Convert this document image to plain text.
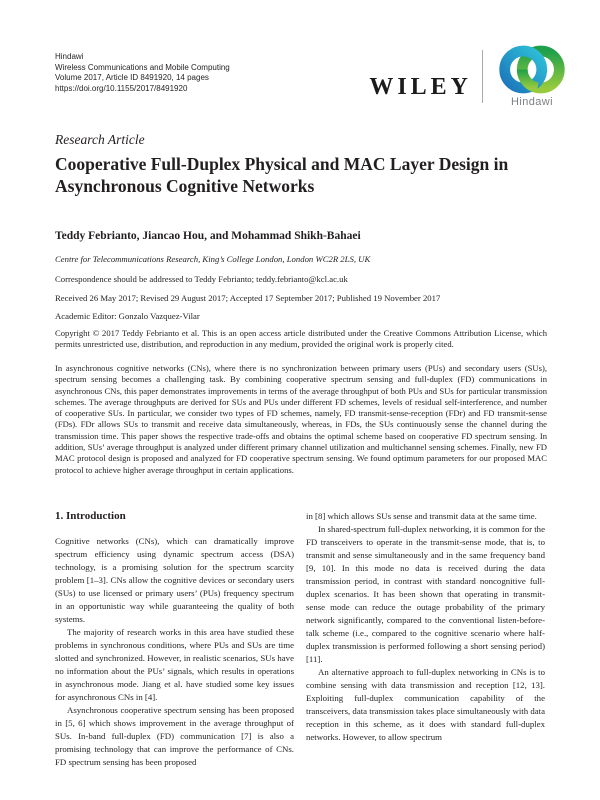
Hindawi
Wireless Communications and Mobile Computing
Volume 2017, Article ID 8491920, 14 pages
https://doi.org/10.1155/2017/8491920	WILEY
Hindawi
Research Article
Cooperative Full-Duplex Physical and MAC Layer Design in Asynchronous Cognitive Networks
Teddy Febrianto, Jiancao Hou, and Mohammad Shikh-Bahaei
Centre for Telecommunications Research, King’s College London, London WC2R 2LS, UK
Correspondence should be addressed to Teddy Febrianto; teddy.febrianto@kcl.ac.uk
Received 26 May 2017; Revised 29 August 2017; Accepted 17 September 2017; Published 19 November 2017
Academic Editor: Gonzalo Vazquez-Vilar
Copyright © 2017 Teddy Febrianto et al. This is an open access article distributed under the Creative Commons Attribution License, which permits unrestricted use, distribution, and reproduction in any medium, provided the original work is properly cited.
In asynchronous cognitive networks (CNs), where there is no synchronization between primary users (PUs) and secondary users (SUs), spectrum sensing becomes a challenging task. By combining cooperative spectrum sensing and full-duplex (FD) communications in asynchronous CNs, this paper demonstrates improvements in terms of the average throughput of both PUs and SUs for particular transmission schemes. The average throughputs are derived for SUs and PUs under different FD schemes, levels of residual self-interference, and number of cooperative SUs. In particular, we consider two types of FD schemes, namely, FD transmit-sense-reception (FDr) and FD transmit-sense (FDs). FDr allows SUs to transmit and receive data simultaneously, whereas, in FDs, the SUs continuously sense the channel during the transmission time. This paper shows the respective trade-offs and obtains the optimal scheme based on cooperative FD spectrum sensing. In addition, SUs’ average throughput is analyzed under different primary channel utilization and multichannel sensing schemes. Finally, new FD MAC protocol design is proposed and analyzed for FD cooperative spectrum sensing. We found optimum parameters for our proposed MAC protocol to achieve higher average throughput in certain applications.
1. Introduction

Cognitive networks (CNs), which can dramatically improve spectrum efficiency using dynamic spectrum access (DSA) technology, is a promising solution for the spectrum scarcity problem [1–3]. CNs allow the cognitive devices or secondary users (SUs) to use licensed or primary users’ (PUs) frequency spectrum in an opportunistic way while guaranteeing the quality of both systems.

The majority of research works in this area have studied these problems in synchronous conditions, where PUs and SUs are time slotted and synchronized. However, in realistic scenarios, SUs have no information about the PUs’ signals, which results in operations in asynchronous mode. Jiang et al. have studied some key issues for asynchronous CNs in [4].

Asynchronous cooperative spectrum sensing has been proposed in [5, 6] which shows improvement in the average throughput of SUs. In-band full-duplex (FD) communication [7] is also a promising technology that can improve the performance of CNs. FD spectrum sensing has been proposed

in [8] which allows SUs sense and transmit data at the same time.

In shared-spectrum full-duplex networking, it is common for the FD transceivers to operate in the transmit-sense mode, that is, to transmit and sense simultaneously and in the same frequency band [9, 10]. In this mode no data is received during the data transmission period, in contrast with standard noncognitive full-duplex scenarios. It has been shown that operating in transmit-sense mode can reduce the outage probability of the primary network significantly, compared to the conventional listen-before-talk scheme (i.e., compared to the cognitive scenario where half-duplex transmission is performed following a short sensing period) [11].

An alternative approach to full-duplex networking in CNs is to combine sensing with data transmission and reception [12, 13]. Exploiting full-duplex communication capability of the transceivers, data transmission takes place simultaneously with data reception in this scheme, as it does with standard full-duplex networks. However, to allow spectrum
